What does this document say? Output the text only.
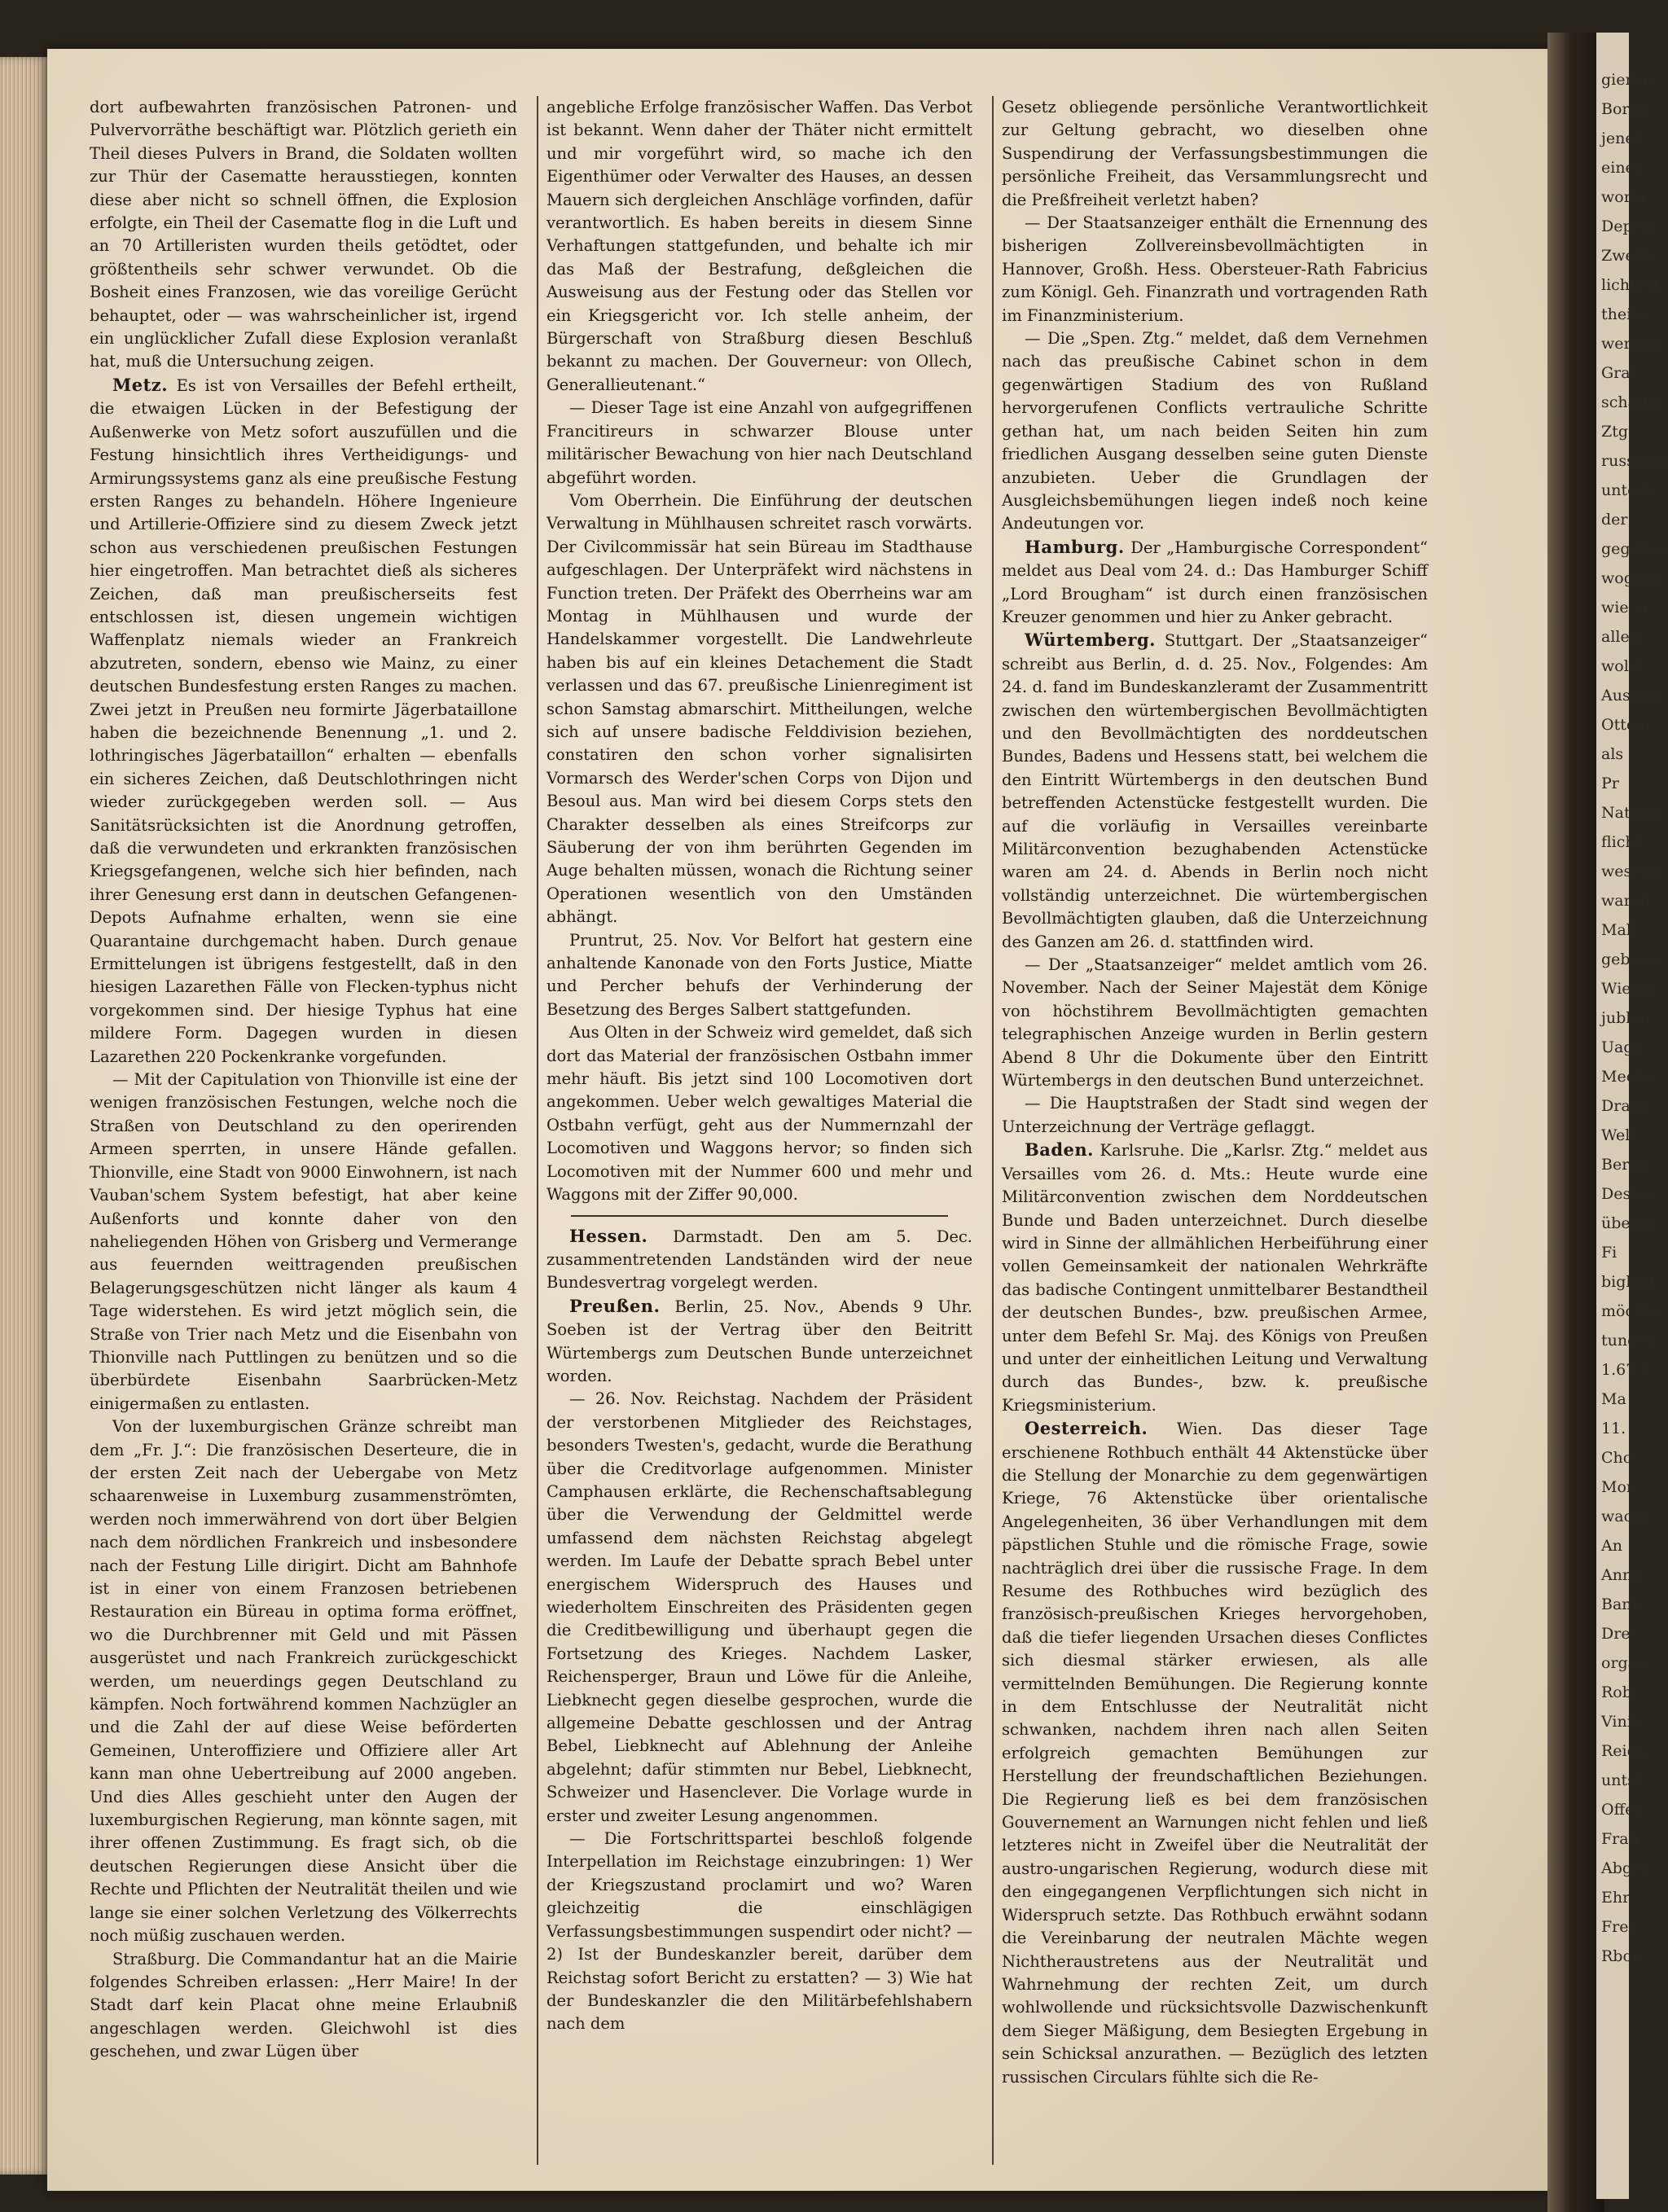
gierun
Borga
jener
einer
worlä
Depesi
Zweife
lichkeit
theilw
werden
Graf
schaftsr
Ztg.
russisch
unterw
der
gegeben
wogene
wie er
allein
wolst
Ausführ
Ottom
als
Pr
Nationo
flicht
wesenh
waren
Mall
gebene
Wiener
jubber
Uage
Meere
Drang
Welt
Berlin
Dester
überm
Fi
bigkeit
möchte
tungen
1.67 C
Ma
11.
Cho
Mon
wachs
An
Anna
Bank
Dres
organ
Robi
Vinis
Reich
untst
Offen
Fran
Abges
Ehr
Frei
Rbon

dort aufbewahrten französischen Patronen- und Pulvervorräthe beschäftigt war. Plötzlich gerieth ein Theil dieses Pulvers in Brand, die Soldaten wollten zur Thür der Casematte herausstiegen, konnten diese aber nicht so schnell öffnen, die Explosion erfolgte, ein Theil der Casematte flog in die Luft und an 70 Artilleristen wurden theils getödtet, oder größtentheils sehr schwer verwundet. Ob die Bosheit eines Franzosen, wie das voreilige Gerücht behauptet, oder — was wahrscheinlicher ist, irgend ein unglücklicher Zufall diese Explosion veranlaßt hat, muß die Untersuchung zeigen.

Metz. Es ist von Versailles der Befehl ertheilt, die etwaigen Lücken in der Befestigung der Außenwerke von Metz sofort auszufüllen und die Festung hinsichtlich ihres Vertheidigungs- und Armirungssystems ganz als eine preußische Festung ersten Ranges zu behandeln. Höhere Ingenieure und Artillerie-Offiziere sind zu diesem Zweck jetzt schon aus verschiedenen preußischen Festungen hier eingetroffen. Man betrachtet dieß als sicheres Zeichen, daß man preußischerseits fest entschlossen ist, diesen ungemein wichtigen Waffenplatz niemals wieder an Frankreich abzutreten, sondern, ebenso wie Mainz, zu einer deutschen Bundesfestung ersten Ranges zu machen. Zwei jetzt in Preußen neu formirte Jägerbataillone haben die bezeichnende Benennung „1. und 2. lothringisches Jägerbataillon“ erhalten — ebenfalls ein sicheres Zeichen, daß Deutschlothringen nicht wieder zurückgegeben werden soll. — Aus Sanitätsrücksichten ist die Anordnung getroffen, daß die verwundeten und erkrankten französischen Kriegsgefangenen, welche sich hier befinden, nach ihrer Genesung erst dann in deutschen Gefangenen-Depots Aufnahme erhalten, wenn sie eine Quarantaine durchgemacht haben. Durch genaue Ermittelungen ist übrigens festgestellt, daß in den hiesigen Lazarethen Fälle von Flecken-typhus nicht vorgekommen sind. Der hiesige Typhus hat eine mildere Form. Dagegen wurden in diesen Lazarethen 220 Pockenkranke vorgefunden.

— Mit der Capitulation von Thionville ist eine der wenigen französischen Festungen, welche noch die Straßen von Deutschland zu den operirenden Armeen sperrten, in unsere Hände gefallen. Thionville, eine Stadt von 9000 Einwohnern, ist nach Vauban'schem System befestigt, hat aber keine Außenforts und konnte daher von den naheliegenden Höhen von Grisberg und Vermerange aus feuernden weittragenden preußischen Belagerungsgeschützen nicht länger als kaum 4 Tage widerstehen. Es wird jetzt möglich sein, die Straße von Trier nach Metz und die Eisenbahn von Thionville nach Puttlingen zu benützen und so die überbürdete Eisenbahn Saarbrücken-Metz einigermaßen zu entlasten.

Von der luxemburgischen Gränze schreibt man dem „Fr. J.“: Die französischen Deserteure, die in der ersten Zeit nach der Uebergabe von Metz schaarenweise in Luxemburg zusammenströmten, werden noch immerwährend von dort über Belgien nach dem nördlichen Frankreich und insbesondere nach der Festung Lille dirigirt. Dicht am Bahnhofe ist in einer von einem Franzosen betriebenen Restauration ein Büreau in optima forma eröffnet, wo die Durchbrenner mit Geld und mit Pässen ausgerüstet und nach Frankreich zurückgeschickt werden, um neuerdings gegen Deutschland zu kämpfen. Noch fortwährend kommen Nachzügler an und die Zahl der auf diese Weise beförderten Gemeinen, Unteroffiziere und Offiziere aller Art kann man ohne Uebertreibung auf 2000 angeben. Und dies Alles geschieht unter den Augen der luxemburgischen Regierung, man könnte sagen, mit ihrer offenen Zustimmung. Es fragt sich, ob die deutschen Regierungen diese Ansicht über die Rechte und Pflichten der Neutralität theilen und wie lange sie einer solchen Verletzung des Völkerrechts noch müßig zuschauen werden.

Straßburg. Die Commandantur hat an die Mairie folgendes Schreiben erlassen: „Herr Maire! In der Stadt darf kein Placat ohne meine Erlaubniß angeschlagen werden. Gleichwohl ist dies geschehen, und zwar Lügen über

angebliche Erfolge französischer Waffen. Das Verbot ist bekannt. Wenn daher der Thäter nicht ermittelt und mir vorgeführt wird, so mache ich den Eigenthümer oder Verwalter des Hauses, an dessen Mauern sich dergleichen Anschläge vorfinden, dafür verantwortlich. Es haben bereits in diesem Sinne Verhaftungen stattgefunden, und behalte ich mir das Maß der Bestrafung, deßgleichen die Ausweisung aus der Festung oder das Stellen vor ein Kriegsgericht vor. Ich stelle anheim, der Bürgerschaft von Straßburg diesen Beschluß bekannt zu machen. Der Gouverneur: von Ollech, Generallieutenant.“

— Dieser Tage ist eine Anzahl von aufgegriffenen Francitireurs in schwarzer Blouse unter militärischer Bewachung von hier nach Deutschland abgeführt worden.

Vom Oberrhein. Die Einführung der deutschen Verwaltung in Mühlhausen schreitet rasch vorwärts. Der Civilcommissär hat sein Büreau im Stadthause aufgeschlagen. Der Unterpräfekt wird nächstens in Function treten. Der Präfekt des Oberrheins war am Montag in Mühlhausen und wurde der Handelskammer vorgestellt. Die Landwehrleute haben bis auf ein kleines Detachement die Stadt verlassen und das 67. preußische Linienregiment ist schon Samstag abmarschirt. Mittheilungen, welche sich auf unsere badische Felddivision beziehen, constatiren den schon vorher signalisirten Vormarsch des Werder'schen Corps von Dijon und Besoul aus. Man wird bei diesem Corps stets den Charakter desselben als eines Streifcorps zur Säuberung der von ihm berührten Gegenden im Auge behalten müssen, wonach die Richtung seiner Operationen wesentlich von den Umständen abhängt.

Pruntrut, 25. Nov. Vor Belfort hat gestern eine anhaltende Kanonade von den Forts Justice, Miatte und Percher behufs der Verhinderung der Besetzung des Berges Salbert stattgefunden.

Aus Olten in der Schweiz wird gemeldet, daß sich dort das Material der französischen Ostbahn immer mehr häuft. Bis jetzt sind 100 Locomotiven dort angekommen. Ueber welch gewaltiges Material die Ostbahn verfügt, geht aus der Nummernzahl der Locomotiven und Waggons hervor; so finden sich Locomotiven mit der Nummer 600 und mehr und Waggons mit der Ziffer 90,000.

Hessen. Darmstadt. Den am 5. Dec. zusammentretenden Landständen wird der neue Bundesvertrag vorgelegt werden.

Preußen. Berlin, 25. Nov., Abends 9 Uhr. Soeben ist der Vertrag über den Beitritt Würtembergs zum Deutschen Bunde unterzeichnet worden.

— 26. Nov. Reichstag. Nachdem der Präsident der verstorbenen Mitglieder des Reichstages, besonders Twesten's, gedacht, wurde die Berathung über die Creditvorlage aufgenommen. Minister Camphausen erklärte, die Rechenschaftsablegung über die Verwendung der Geldmittel werde umfassend dem nächsten Reichstag abgelegt werden. Im Laufe der Debatte sprach Bebel unter energischem Widerspruch des Hauses und wiederholtem Einschreiten des Präsidenten gegen die Creditbewilligung und überhaupt gegen die Fortsetzung des Krieges. Nachdem Lasker, Reichensperger, Braun und Löwe für die Anleihe, Liebknecht gegen dieselbe gesprochen, wurde die allgemeine Debatte geschlossen und der Antrag Bebel, Liebknecht auf Ablehnung der Anleihe abgelehnt; dafür stimmten nur Bebel, Liebknecht, Schweizer und Hasenclever. Die Vorlage wurde in erster und zweiter Lesung angenommen.

— Die Fortschrittspartei beschloß folgende Interpellation im Reichstage einzubringen: 1) Wer der Kriegszustand proclamirt und wo? Waren gleichzeitig die einschlägigen Verfassungsbestimmungen suspendirt oder nicht? — 2) Ist der Bundeskanzler bereit, darüber dem Reichstag sofort Bericht zu erstatten? — 3) Wie hat der Bundeskanzler die den Militärbefehlshabern nach dem

Gesetz obliegende persönliche Verantwortlichkeit zur Geltung gebracht, wo dieselben ohne Suspendirung der Verfassungsbestimmungen die persönliche Freiheit, das Versammlungsrecht und die Preßfreiheit verletzt haben?

— Der Staatsanzeiger enthält die Ernennung des bisherigen Zollvereinsbevollmächtigten in Hannover, Großh. Hess. Obersteuer-Rath Fabricius zum Königl. Geh. Finanzrath und vortragenden Rath im Finanzministerium.

— Die „Spen. Ztg.“ meldet, daß dem Vernehmen nach das preußische Cabinet schon in dem gegenwärtigen Stadium des von Rußland hervorgerufenen Conflicts vertrauliche Schritte gethan hat, um nach beiden Seiten hin zum friedlichen Ausgang desselben seine guten Dienste anzubieten. Ueber die Grundlagen der Ausgleichsbemühungen liegen indeß noch keine Andeutungen vor.

Hamburg. Der „Hamburgische Correspondent“ meldet aus Deal vom 24. d.: Das Hamburger Schiff „Lord Brougham“ ist durch einen französischen Kreuzer genommen und hier zu Anker gebracht.

Würtemberg. Stuttgart. Der „Staatsanzeiger“ schreibt aus Berlin, d. d. 25. Nov., Folgendes: Am 24. d. fand im Bundeskanzleramt der Zusammentritt zwischen den würtembergischen Bevollmächtigten und den Bevollmächtigten des norddeutschen Bundes, Badens und Hessens statt, bei welchem die den Eintritt Würtembergs in den deutschen Bund betreffenden Actenstücke festgestellt wurden. Die auf die vorläufig in Versailles vereinbarte Militärconvention bezughabenden Actenstücke waren am 24. d. Abends in Berlin noch nicht vollständig unterzeichnet. Die würtembergischen Bevollmächtigten glauben, daß die Unterzeichnung des Ganzen am 26. d. stattfinden wird.

— Der „Staatsanzeiger“ meldet amtlich vom 26. November. Nach der Seiner Majestät dem Könige von höchstihrem Bevollmächtigten gemachten telegraphischen Anzeige wurden in Berlin gestern Abend 8 Uhr die Dokumente über den Eintritt Würtembergs in den deutschen Bund unterzeichnet.

— Die Hauptstraßen der Stadt sind wegen der Unterzeichnung der Verträge geflaggt.

Baden. Karlsruhe. Die „Karlsr. Ztg.“ meldet aus Versailles vom 26. d. Mts.: Heute wurde eine Militärconvention zwischen dem Norddeutschen Bunde und Baden unterzeichnet. Durch dieselbe wird in Sinne der allmählichen Herbeiführung einer vollen Gemeinsamkeit der nationalen Wehrkräfte das badische Contingent unmittelbarer Bestandtheil der deutschen Bundes-, bzw. preußischen Armee, unter dem Befehl Sr. Maj. des Königs von Preußen und unter der einheitlichen Leitung und Verwaltung durch das Bundes-, bzw. k. preußische Kriegsministerium.

Oesterreich. Wien. Das dieser Tage erschienene Rothbuch enthält 44 Aktenstücke über die Stellung der Monarchie zu dem gegenwärtigen Kriege, 76 Aktenstücke über orientalische Angelegenheiten, 36 über Verhandlungen mit dem päpstlichen Stuhle und die römische Frage, sowie nachträglich drei über die russische Frage. In dem Resume des Rothbuches wird bezüglich des französisch-preußischen Krieges hervorgehoben, daß die tiefer liegenden Ursachen dieses Conflictes sich diesmal stärker erwiesen, als alle vermittelnden Bemühungen. Die Regierung konnte in dem Entschlusse der Neutralität nicht schwanken, nachdem ihren nach allen Seiten erfolgreich gemachten Bemühungen zur Herstellung der freundschaftlichen Beziehungen. Die Regierung ließ es bei dem französischen Gouvernement an Warnungen nicht fehlen und ließ letzteres nicht in Zweifel über die Neutralität der austro-ungarischen Regierung, wodurch diese mit den eingegangenen Verpflichtungen sich nicht in Widerspruch setzte. Das Rothbuch erwähnt sodann die Vereinbarung der neutralen Mächte wegen Nichtheraustretens aus der Neutralität und Wahrnehmung der rechten Zeit, um durch wohlwollende und rücksichtsvolle Dazwischenkunft dem Sieger Mäßigung, dem Besiegten Ergebung in sein Schicksal anzurathen. — Bezüglich des letzten russischen Circulars fühlte sich die Re-
